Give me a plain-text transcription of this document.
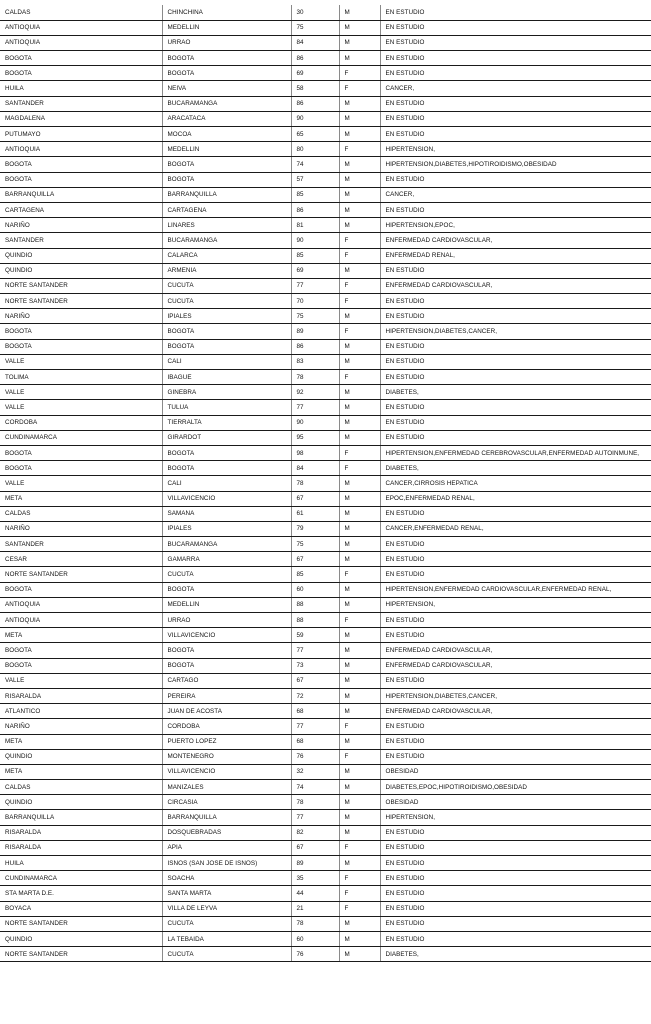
CALDAS	CHINCHINA	30	M	EN ESTUDIO
ANTIOQUIA	MEDELLIN	75	M	EN ESTUDIO
ANTIOQUIA	URRAO	84	M	EN ESTUDIO
BOGOTA	BOGOTA	86	M	EN ESTUDIO
BOGOTA	BOGOTA	69	F	EN ESTUDIO
HUILA	NEIVA	58	F	CANCER,
SANTANDER	BUCARAMANGA	86	M	EN ESTUDIO
MAGDALENA	ARACATACA	90	M	EN ESTUDIO
PUTUMAYO	MOCOA	65	M	EN ESTUDIO
ANTIOQUIA	MEDELLIN	80	F	HIPERTENSION,
BOGOTA	BOGOTA	74	M	HIPERTENSION,DIABETES,HIPOTIROIDISMO,OBESIDAD
BOGOTA	BOGOTA	57	M	EN ESTUDIO
BARRANQUILLA	BARRANQUILLA	85	M	CANCER,
CARTAGENA	CARTAGENA	86	M	EN ESTUDIO
NARIÑO	LINARES	81	M	HIPERTENSION,EPOC,
SANTANDER	BUCARAMANGA	90	F	ENFERMEDAD CARDIOVASCULAR,
QUINDIO	CALARCA	85	F	ENFERMEDAD RENAL,
QUINDIO	ARMENIA	69	M	EN ESTUDIO
NORTE SANTANDER	CUCUTA	77	F	ENFERMEDAD CARDIOVASCULAR,
NORTE SANTANDER	CUCUTA	70	F	EN ESTUDIO
NARIÑO	IPIALES	75	M	EN ESTUDIO
BOGOTA	BOGOTA	89	F	HIPERTENSION,DIABETES,CANCER,
BOGOTA	BOGOTA	86	M	EN ESTUDIO
VALLE	CALI	83	M	EN ESTUDIO
TOLIMA	IBAGUE	78	F	EN ESTUDIO
VALLE	GINEBRA	92	M	DIABETES,
VALLE	TULUA	77	M	EN ESTUDIO
CORDOBA	TIERRALTA	90	M	EN ESTUDIO
CUNDINAMARCA	GIRARDOT	95	M	EN ESTUDIO
BOGOTA	BOGOTA	98	F	HIPERTENSION,ENFERMEDAD CEREBROVASCULAR,ENFERMEDAD AUTOINMUNE,
BOGOTA	BOGOTA	84	F	DIABETES,
VALLE	CALI	78	M	CANCER,CIRROSIS HEPATICA
META	VILLAVICENCIO	67	M	EPOC,ENFERMEDAD RENAL,
CALDAS	SAMANA	61	M	EN ESTUDIO
NARIÑO	IPIALES	79	M	CANCER,ENFERMEDAD RENAL,
SANTANDER	BUCARAMANGA	75	M	EN ESTUDIO
CESAR	GAMARRA	67	M	EN ESTUDIO
NORTE SANTANDER	CUCUTA	85	F	EN ESTUDIO
BOGOTA	BOGOTA	60	M	HIPERTENSION,ENFERMEDAD CARDIOVASCULAR,ENFERMEDAD RENAL,
ANTIOQUIA	MEDELLIN	88	M	HIPERTENSION,
ANTIOQUIA	URRAO	88	F	EN ESTUDIO
META	VILLAVICENCIO	59	M	EN ESTUDIO
BOGOTA	BOGOTA	77	M	ENFERMEDAD CARDIOVASCULAR,
BOGOTA	BOGOTA	73	M	ENFERMEDAD CARDIOVASCULAR,
VALLE	CARTAGO	67	M	EN ESTUDIO
RISARALDA	PEREIRA	72	M	HIPERTENSION,DIABETES,CANCER,
ATLANTICO	JUAN DE ACOSTA	68	M	ENFERMEDAD CARDIOVASCULAR,
NARIÑO	CORDOBA	77	F	EN ESTUDIO
META	PUERTO LOPEZ	68	M	EN ESTUDIO
QUINDIO	MONTENEGRO	76	F	EN ESTUDIO
META	VILLAVICENCIO	32	M	OBESIDAD
CALDAS	MANIZALES	74	M	DIABETES,EPOC,HIPOTIROIDISMO,OBESIDAD
QUINDIO	CIRCASIA	78	M	OBESIDAD
BARRANQUILLA	BARRANQUILLA	77	M	HIPERTENSION,
RISARALDA	DOSQUEBRADAS	82	M	EN ESTUDIO
RISARALDA	APIA	67	F	EN ESTUDIO
HUILA	ISNOS (SAN JOSE DE ISNOS)	89	M	EN ESTUDIO
CUNDINAMARCA	SOACHA	35	F	EN ESTUDIO
STA MARTA D.E.	SANTA MARTA	44	F	EN ESTUDIO
BOYACA	VILLA DE LEYVA	21	F	EN ESTUDIO
NORTE SANTANDER	CUCUTA	78	M	EN ESTUDIO
QUINDIO	LA TEBAIDA	60	M	EN ESTUDIO
NORTE SANTANDER	CUCUTA	76	M	DIABETES,
